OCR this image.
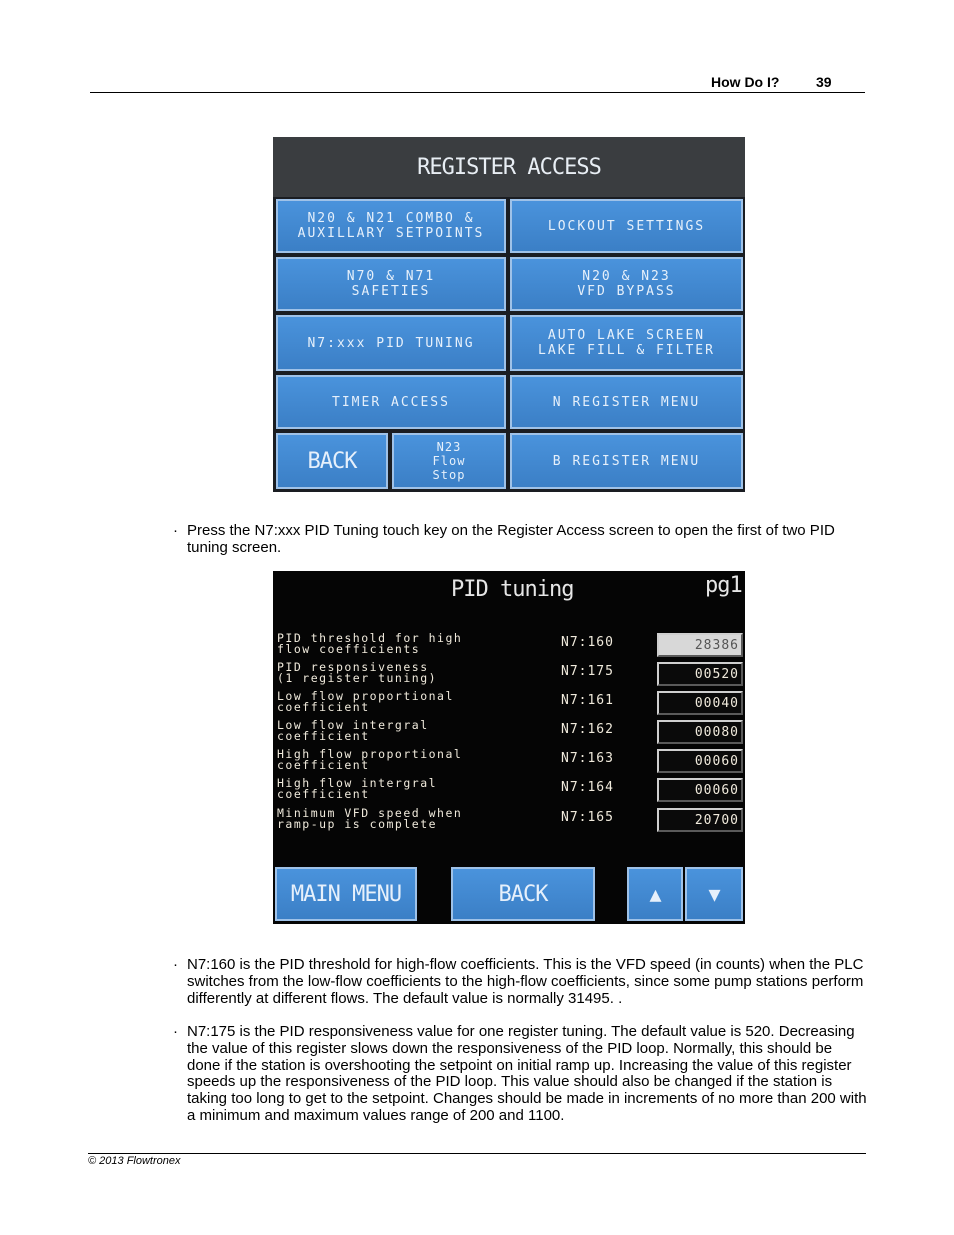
How Do I?	39
REGISTER ACCESS
N20 & N21 COMBO &
AUXILLARY SETPOINTS	LOCKOUT SETTINGS
N70 & N71
SAFETIES
N20 & N23
VFD BYPASS
N7:xxx PID TUNING	AUTO LAKE SCREEN
LAKE FILL & FILTER
TIMER ACCESS	N REGISTER MENU
BACK
N23
Flow
Stop
B REGISTER MENU
· Press the N7:xxx PID Tuning touch key on the Register Access screen to open the first of two PID tuning screen.
PID tuning	pg1
PID threshold for high
flow coefficients	N7:160	28386
PID responsiveness
(1 register tuning)	N7:175	00520
Low flow proportional
coefficient	N7:161	00040
Low flow intergral
coefficient	N7:162	00080
High flow proportional
coefficient	N7:163	00060
High flow intergral
coefficient	N7:164	00060
Minimum VFD speed when
ramp-up is complete	N7:165	20700
MAIN MENU	BACK	▲	▼
· N7:160 is the PID threshold for high-flow coefficients. This is the VFD speed (in counts) when the PLC switches from the low-flow coefficients to the high-flow coefficients, since some pump stations perform differently at different flows. The default value is normally 31495. .
· N7:175 is the PID responsiveness value for one register tuning. The default value is 520. Decreasing the value of this register slows down the responsiveness of the PID loop. Normally, this should be done if the station is overshooting the setpoint on initial ramp up. Increasing the value of this register speeds up the responsiveness of the PID loop. This value should also be changed if the station is taking too long to get to the setpoint. Changes should be made in increments of no more than 200 with a minimum and maximum values range of 200 and 1100.
© 2013 Flowtronex
